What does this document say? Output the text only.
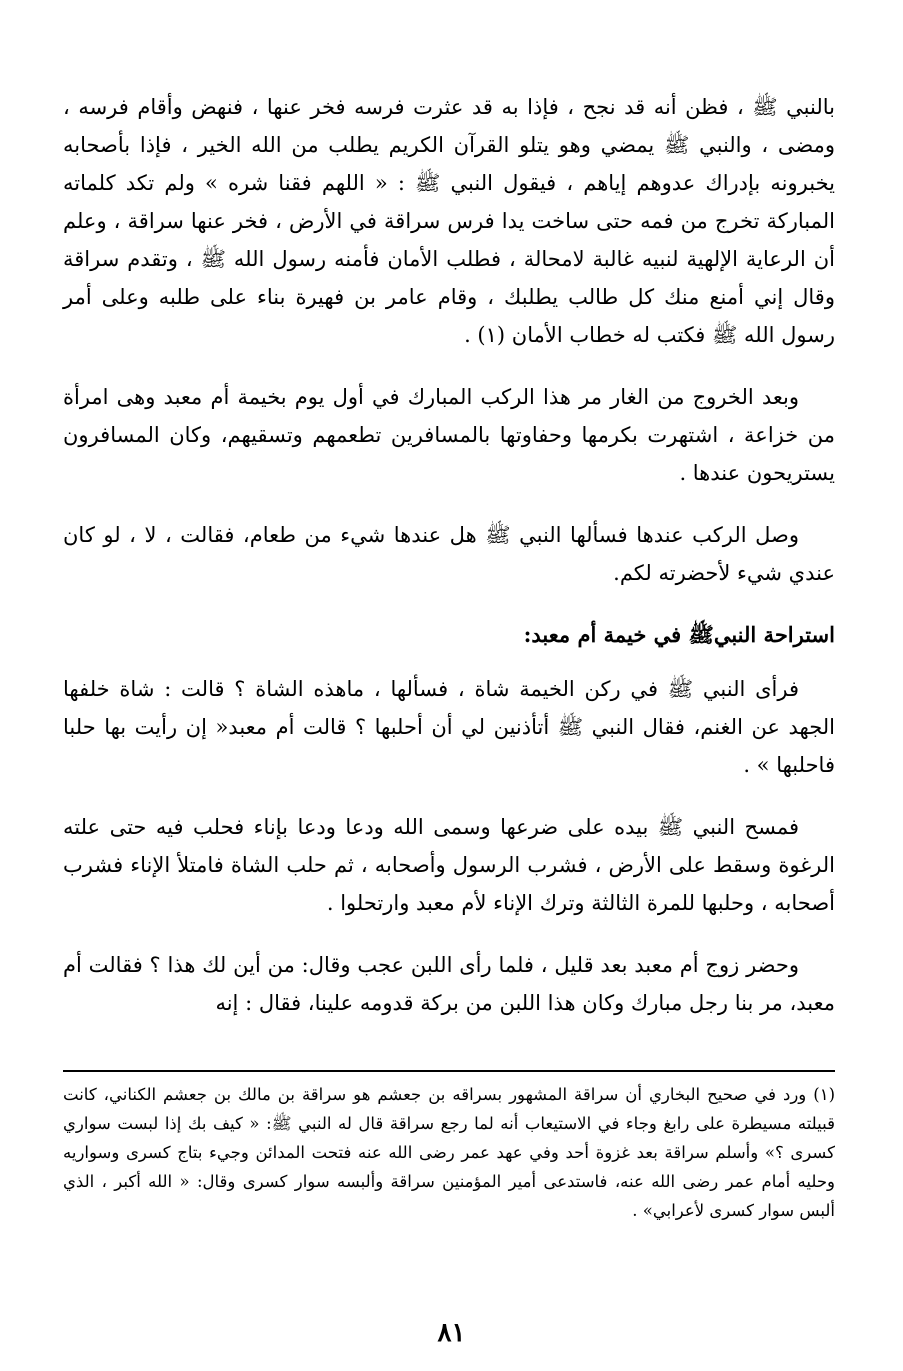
بالنبي ﷺ ، فظن أنه قد نجح ، فإذا به قد عثرت فرسه فخر عنها ، فنهض وأقام فرسه ، ومضى ، والنبي ﷺ يمضي وهو يتلو القرآن الكريم يطلب من الله الخير ، فإذا بأصحابه يخبرونه بإدراك عدوهم إياهم ، فيقول النبي ﷺ : « اللهم فقنا شره » ولم تكد كلماته المباركة تخرج من فمه حتى ساخت يدا فرس سراقة في الأرض ، فخر عنها سراقة ، وعلم أن الرعاية الإلهية لنبيه غالبة لامحالة ، فطلب الأمان فأمنه رسول الله ﷺ ، وتقدم سراقة وقال إني أمنع منك كل طالب يطلبك ، وقام عامر بن فهيرة بناء على طلبه وعلى أمر رسول الله ﷺ فكتب له خطاب الأمان (١) .

وبعد الخروج من الغار مر هذا الركب المبارك في أول يوم بخيمة أم معبد وهى امرأة من خزاعة ، اشتهرت بكرمها وحفاوتها بالمسافرين تطعمهم وتسقيهم، وكان المسافرون يستريحون عندها .

وصل الركب عندها فسألها النبي ﷺ هل عندها شيء من طعام، فقالت ، لا ، لو كان عندي شيء لأحضرته لكم.

استراحة النبيﷺ في خيمة أم معبد:

فرأى النبي ﷺ في ركن الخيمة شاة ، فسألها ، ماهذه الشاة ؟ قالت : شاة خلفها الجهد عن الغنم، فقال النبي ﷺ أتأذنين لي أن أحلبها ؟ قالت أم معبد« إن رأيت بها حلبا فاحلبها » .

فمسح النبي ﷺ بيده على ضرعها وسمى الله ودعا ودعا بإناء فحلب فيه حتى علته الرغوة وسقط على الأرض ، فشرب الرسول وأصحابه ، ثم حلب الشاة فامتلأ الإناء فشرب أصحابه ، وحلبها للمرة الثالثة وترك الإناء لأم معبد وارتحلوا .

وحضر زوج أم معبد بعد قليل ، فلما رأى اللبن عجب وقال: من أين لك هذا ؟ فقالت أم معبد، مر بنا رجل مبارك وكان هذا اللبن من بركة قدومه علينا، فقال : إنه

(١) ورد في صحيح البخاري أن سراقة المشهور بسراقه بن جعشم هو سراقة بن مالك بن جعشم الكناني، كانت قبيلته مسيطرة على رابغ وجاء في الاستيعاب أنه لما رجع سراقة قال له النبي ﷺ: « كيف بك إذا لبست سواري كسرى ؟» وأسلم سراقة بعد غزوة أحد وفي عهد عمر رضى الله عنه فتحت المدائن وجيء بتاج كسرى وسواريه وحليه أمام عمر رضى الله عنه، فاستدعى أمير المؤمنين سراقة وألبسه سوار كسرى وقال: « الله أكبر ، الذي ألبس سوار كسرى لأعرابي» .

٨١
